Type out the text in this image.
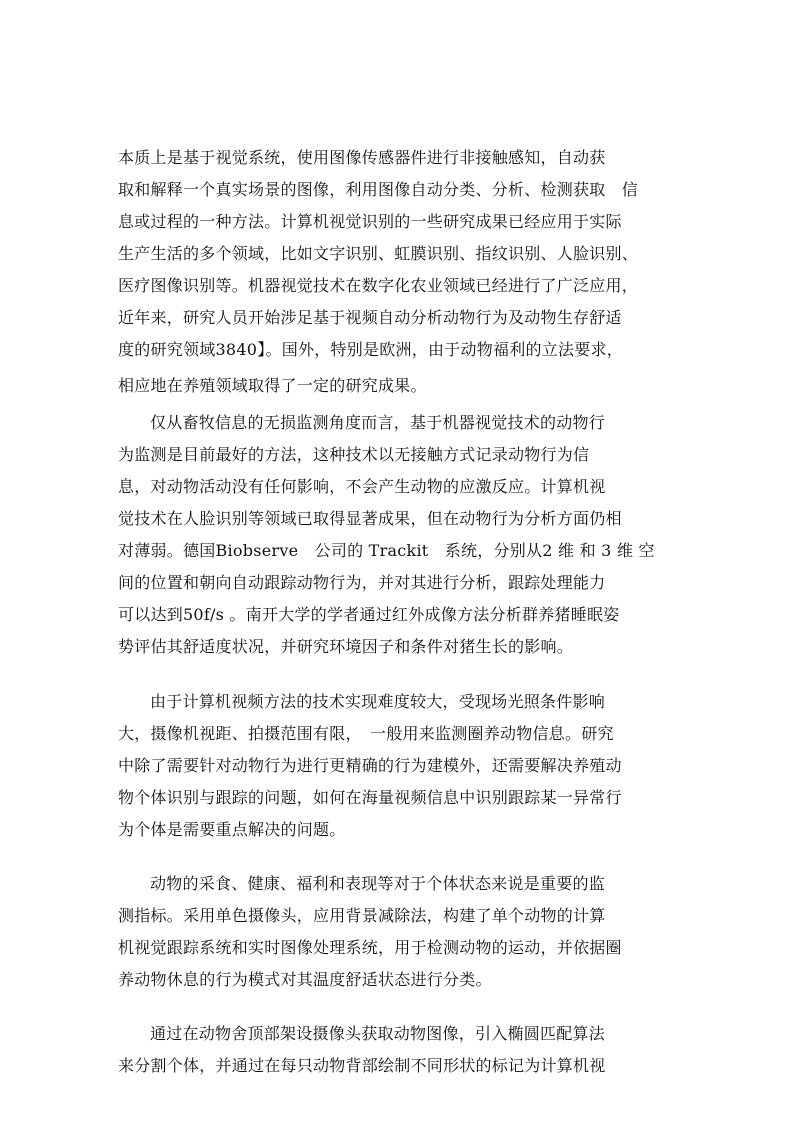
本质上是基于视觉系统，使用图像传感器件进行非接触感知，自动获
取和解释一个真实场景的图像，利用图像自动分类、分析、检测获取　信
息或过程的一种方法。计算机视觉识别的一些研究成果已经应用于实际
生产生活的多个领域，比如文字识别、虹膜识别、指纹识别、人脸识别、
医疗图像识别等。机器视觉技术在数字化农业领域已经进行了广泛应用，
近年来，研究人员开始涉足基于视频自动分析动物行为及动物生存舒适
度的研究领域3840】。国外，特别是欧洲，由于动物福利的立法要求，
相应地在养殖领域取得了一定的研究成果。
仅从畜牧信息的无损监测角度而言，基于机器视觉技术的动物行
为监测是目前最好的方法，这种技术以无接触方式记录动物行为信
息，对动物活动没有任何影响，不会产生动物的应激反应。计算机视
觉技术在人脸识别等领域已取得显著成果，但在动物行为分析方面仍相
对薄弱。德国Biobserve　公司的 Trackit　系统，分别从2 维 和 3 维 空
间的位置和朝向自动跟踪动物行为，并对其进行分析，跟踪处理能力
可以达到50f/s 。南开大学的学者通过红外成像方法分析群养猪睡眠姿
势评估其舒适度状况，并研究环境因子和条件对猪生长的影响。
由于计算机视频方法的技术实现难度较大，受现场光照条件影响
大，摄像机视距、拍摄范围有限，　一般用来监测圈养动物信息。研究
中除了需要针对动物行为进行更精确的行为建模外，还需要解决养殖动
物个体识别与跟踪的问题，如何在海量视频信息中识别跟踪某一异常行
为个体是需要重点解决的问题。
动物的采食、健康、福利和表现等对于个体状态来说是重要的监
测指标。采用单色摄像头，应用背景减除法，构建了单个动物的计算
机视觉跟踪系统和实时图像处理系统，用于检测动物的运动，并依据圈
养动物休息的行为模式对其温度舒适状态进行分类。
通过在动物舍顶部架设摄像头获取动物图像，引入椭圆匹配算法
来分割个体，并通过在每只动物背部绘制不同形状的标记为计算机视
